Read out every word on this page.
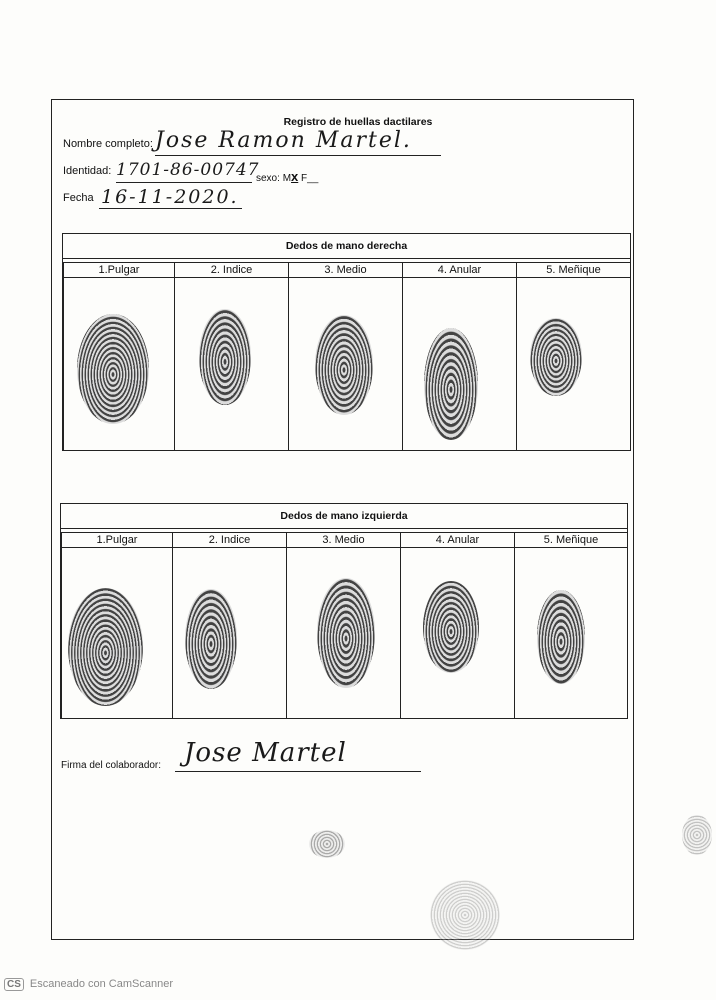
Registro de huellas dactilares
Nombre completo: Jose Ramon Martel.
Identidad: 1701-86-00747
sexo: Mx F__
Fecha 16-11-2020.
Dedos de mano derecha
1.Pulgar	2. Indice	3. Medio	4. Anular	5. Meñique
Dedos de mano izquierda
1.Pulgar	2. Indice	3. Medio	4. Anular	5. Meñique
Firma del colaborador: Jose Martel
CS Escaneado con CamScanner
